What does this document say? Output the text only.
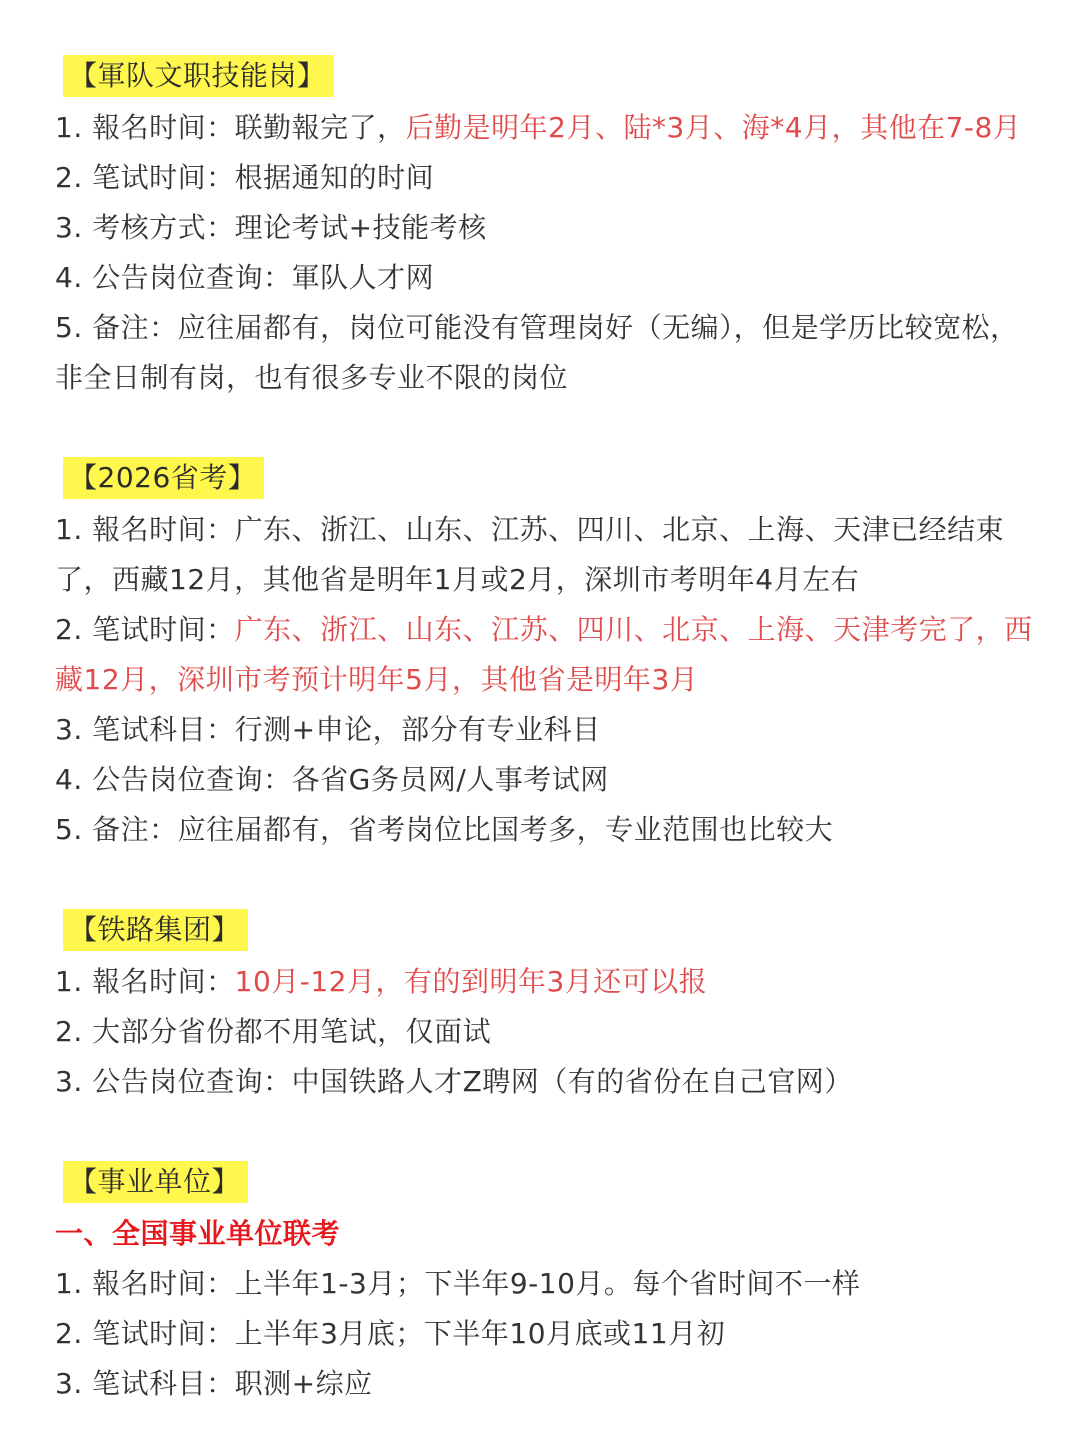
【軍队文职技能岗】
1. 報名时间：联勤報完了，后勤是明年2月、陆*3月、海*4月，其他在7-8月
2. 笔试时间：根据通知的时间
3. 考核方式：理论考试+技能考核
4. 公告岗位查询：軍队人才网
5. 备注：应往届都有，岗位可能没有管理岗好（无编），但是学历比较宽松，非全日制有岗，也有很多专业不限的岗位
【2026省考】
1. 報名时间：广东、浙江、山东、江苏、四川、北京、上海、天津已经结束了，西藏12月，其他省是明年1月或2月，深圳市考明年4月左右
2. 笔试时间：广东、浙江、山东、江苏、四川、北京、上海、天津考完了，西藏12月，深圳市考预计明年5月，其他省是明年3月
3. 笔试科目：行测+申论，部分有专业科目
4. 公告岗位查询：各省G务员网/人事考试网
5. 备注：应往届都有，省考岗位比国考多，专业范围也比较大
【铁路集团】
1. 報名时间：10月-12月，有的到明年3月还可以报
2. 大部分省份都不用笔试，仅面试
3. 公告岗位查询：中国铁路人才Z聘网（有的省份在自己官网）
【事业单位】
一、全国事业单位联考
1. 報名时间：上半年1-3月；下半年9-10月。每个省时间不一样
2. 笔试时间：上半年3月底；下半年10月底或11月初
3. 笔试科目：职测+综应
